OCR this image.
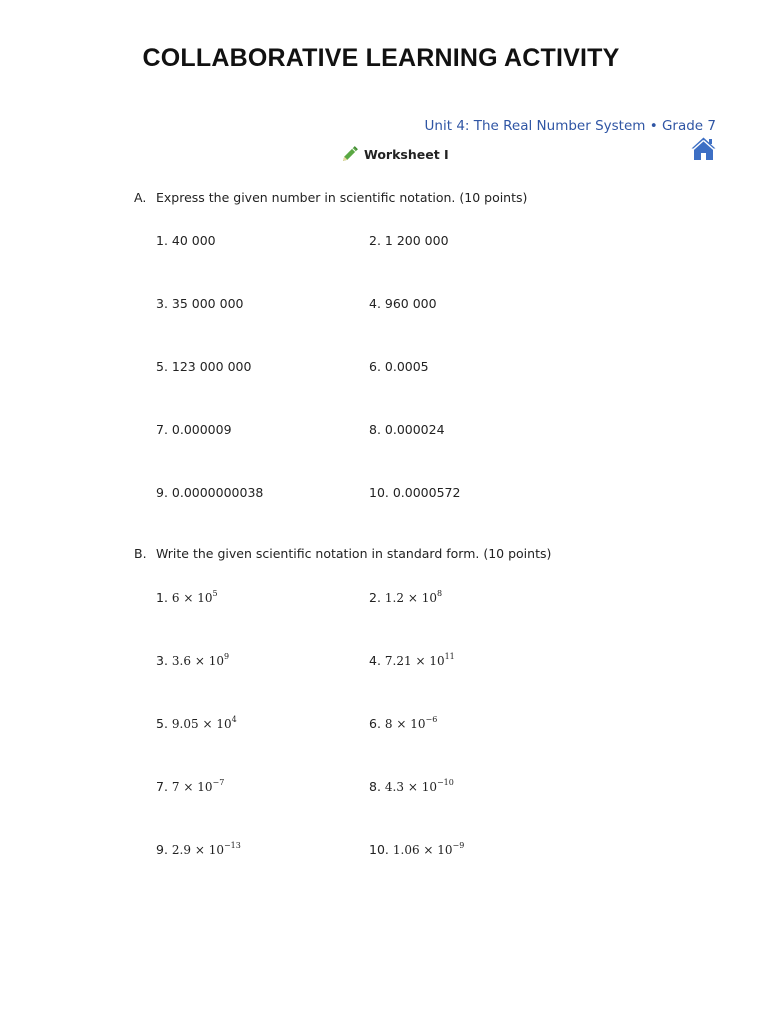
COLLABORATIVE LEARNING ACTIVITY
Unit 4: The Real Number System • Grade 7
Worksheet I
A. Express the given number in scientific notation. (10 points)
1. 40 000	2. 1 200 000
3. 35 000 000	4. 960 000
5. 123 000 000	6. 0.0005
7. 0.000009	8. 0.000024
9. 0.0000000038	10. 0.0000572
B. Write the given scientific notation in standard form. (10 points)
1. $6 \times 10^5$	2. $1.2 \times 10^8$
3. $3.6 \times 10^9$	4. $7.21 \times 10^{11}$
5. $9.05 \times 10^4$	6. $8 \times 10^{-6}$
7. $7 \times 10^{-7}$	8. $4.3 \times 10^{-10}$
9. $2.9 \times 10^{-13}$	10. $1.06 \times 10^{-9}$
